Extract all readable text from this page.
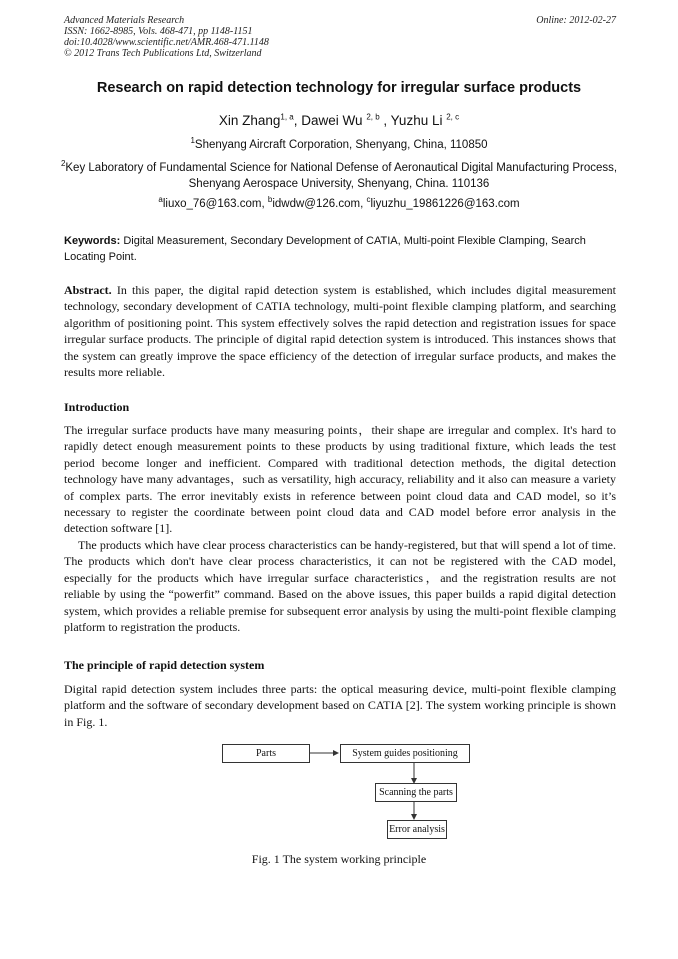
Advanced Materials Research
ISSN: 1662-8985, Vols. 468-471, pp 1148-1151
doi:10.4028/www.scientific.net/AMR.468-471.1148
© 2012 Trans Tech Publications Ltd, Switzerland
Online: 2012-02-27
Research on rapid detection technology for irregular surface products
Xin Zhang$^{1, a}$, Dawei Wu $^{2, b}$ , Yuzhu Li $^{2, c}$
$^1$Shenyang Aircraft Corporation, Shenyang, China, 110850
$^2$Key Laboratory of Fundamental Science for National Defense of Aeronautical Digital Manufacturing Process, Shenyang Aerospace University, Shenyang, China. 110136
$^a$liuxo_76@163.com, $^b$idwdw@126.com, $^c$liyuzhu_19861226@163.com
Keywords: Digital Measurement, Secondary Development of CATIA, Multi-point Flexible Clamping, Search Locating Point.
Abstract. In this paper, the digital rapid detection system is established, which includes digital measurement technology, secondary development of CATIA technology, multi-point flexible clamping platform, and searching algorithm of positioning point. This system effectively solves the rapid detection and registration issues for space irregular surface products. The principle of digital rapid detection system is introduced. This instances shows that the system can greatly improve the space efficiency of the detection of irregular surface products, and makes the results more reliable.
Introduction
The irregular surface products have many measuring points，their shape are irregular and complex. It's hard to rapidly detect enough measurement points to these products by using traditional fixture, which leads the test period become longer and inefficient. Compared with traditional detection methods, the digital detection technology have many advantages，such as versatility, high accuracy, reliability and it also can measure a variety of complex parts. The error inevitably exists in reference between point cloud data and CAD model, so it’s necessary to register the coordinate between point cloud data and CAD model before error analysis in the detection software [1].
The products which have clear process characteristics can be handy-registered, but that will spend a lot of time. The products which don't have clear process characteristics, it can not be registered with the CAD model, especially for the products which have irregular surface characteristics，and the registration results are not reliable by using the “powerfit” command. Based on the above issues, this paper builds a rapid digital detection system, which provides a reliable premise for subsequent error analysis by using the multi-point flexible clamping platform to registration the products.
The principle of rapid detection system
Digital rapid detection system includes three parts: the optical measuring device, multi-point flexible clamping platform and the software of secondary development based on CATIA [2]. The system working principle is shown in Fig. 1.
Parts	System guides positioning
Scanning the parts
Error analysis
Fig. 1 The system working principle
